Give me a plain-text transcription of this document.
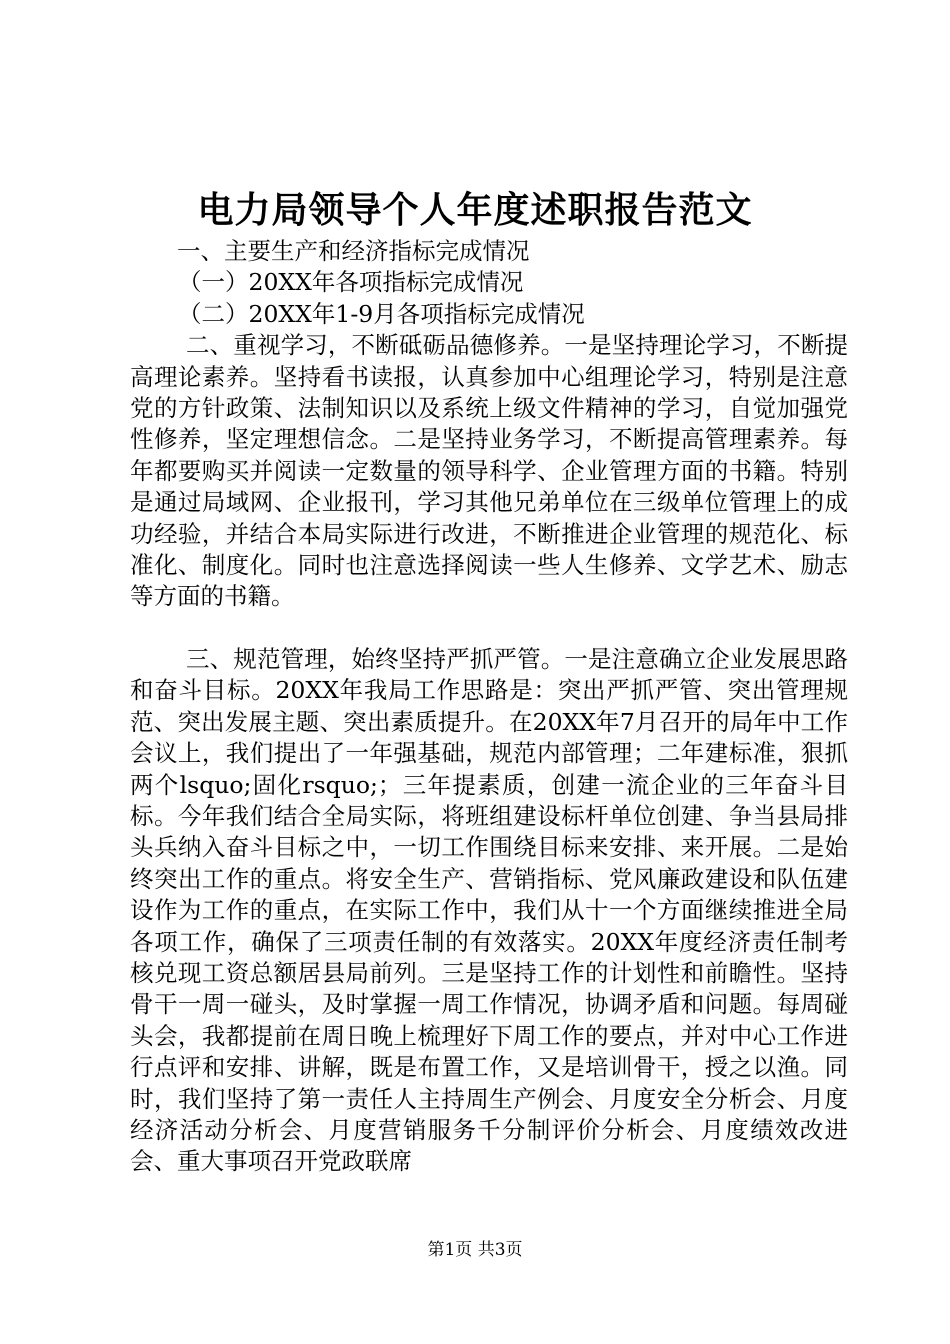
电力局领导个人年度述职报告范文

一、主要生产和经济指标完成情况

（一）20XX年各项指标完成情况

（二）20XX年1-9月各项指标完成情况

二、重视学习，不断砥砺品德修养。一是坚持理论学习，不断提高理论素养。坚持看书读报，认真参加中心组理论学习，特别是注意党的方针政策、法制知识以及系统上级文件精神的学习，自觉加强党性修养，坚定理想信念。二是坚持业务学习，不断提高管理素养。每年都要购买并阅读一定数量的领导科学、企业管理方面的书籍。特别是通过局域网、企业报刊，学习其他兄弟单位在三级单位管理上的成功经验，并结合本局实际进行改进，不断推进企业管理的规范化、标准化、制度化。同时也注意选择阅读一些人生修养、文学艺术、励志等方面的书籍。

三、规范管理，始终坚持严抓严管。一是注意确立企业发展思路和奋斗目标。20XX年我局工作思路是：突出严抓严管、突出管理规范、突出发展主题、突出素质提升。在20XX年7月召开的局年中工作会议上，我们提出了一年强基础，规范内部管理；二年建标准，狠抓两个lsquo;固化rsquo;；三年提素质，创建一流企业的三年奋斗目标。今年我们结合全局实际，将班组建设标杆单位创建、争当县局排头兵纳入奋斗目标之中，一切工作围绕目标来安排、来开展。二是始终突出工作的重点。将安全生产、营销指标、党风廉政建设和队伍建设作为工作的重点，在实际工作中，我们从十一个方面继续推进全局各项工作，确保了三项责任制的有效落实。20XX年度经济责任制考核兑现工资总额居县局前列。三是坚持工作的计划性和前瞻性。坚持骨干一周一碰头，及时掌握一周工作情况，协调矛盾和问题。每周碰头会，我都提前在周日晚上梳理好下周工作的要点，并对中心工作进行点评和安排、讲解，既是布置工作，又是培训骨干，授之以渔。同时，我们坚持了第一责任人主持周生产例会、月度安全分析会、月度经济活动分析会、月度营销服务千分制评价分析会、月度绩效改进会、重大事项召开党政联席

第1页 共3页
